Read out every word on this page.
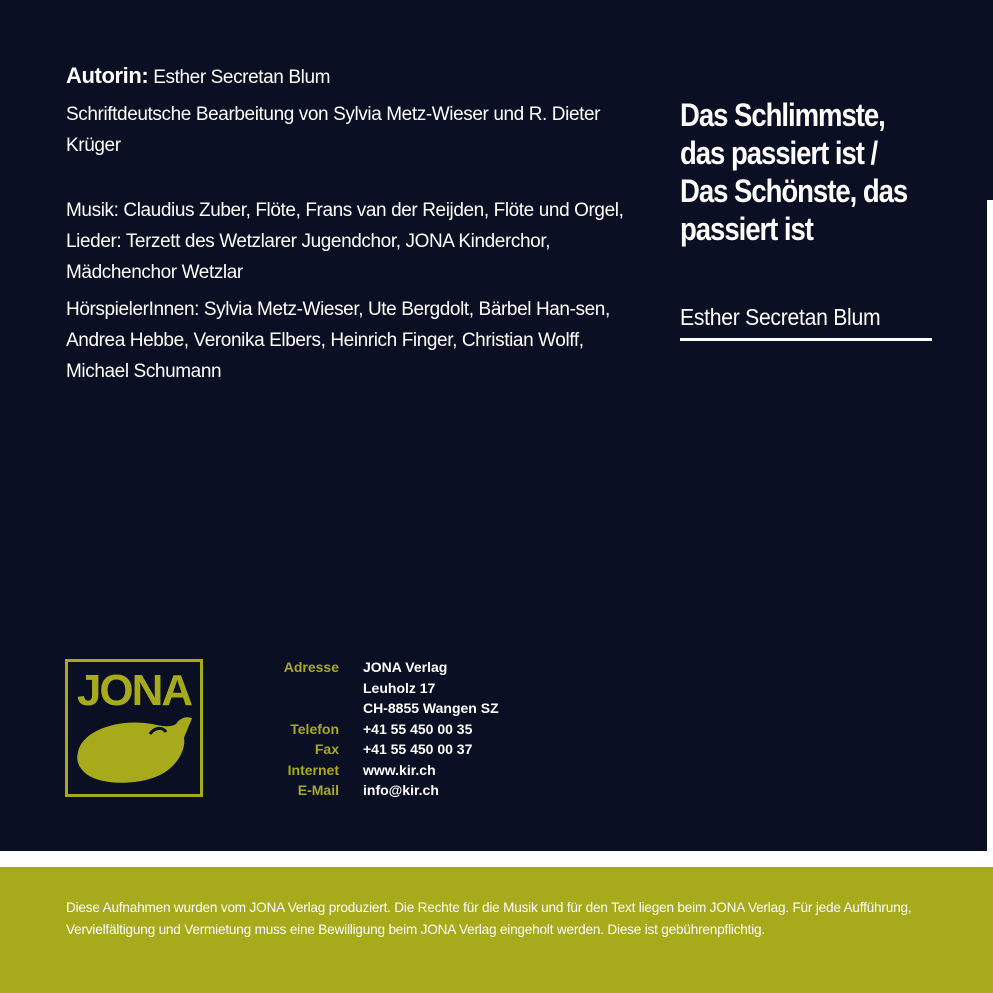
Autorin: Esther Secretan Blum

Schriftdeutsche Bearbeitung von Sylvia Metz-Wieser und R. Dieter Krüger

Musik: Claudius Zuber, Flöte, Frans van der Reijden, Flöte und Orgel, Lieder: Terzett des Wetzlarer Jugendchor, JONA Kinderchor, Mädchenchor Wetzlar

HörspielerInnen: Sylvia Metz-Wieser, Ute Bergdolt, Bärbel Han-sen, Andrea Hebbe, Veronika Elbers, Heinrich Finger, Christian Wolff, Michael Schumann

Das Schlimmste,
das passiert ist /
Das Schönste, das
passiert ist
Esther Secretan Blum
JONA	Adresse	JONA Verlag
Leuholz 17
CH-8855 Wangen SZ
Telefon	+41 55 450 00 35
Fax	+41 55 450 00 37
Internet	www.kir.ch
E-Mail	info@kir.ch
Diese Aufnahmen wurden vom JONA Verlag produziert. Die Rechte für die Musik und für den Text liegen beim JONA Verlag. Für jede Aufführung, Vervielfältigung und Vermietung muss eine Bewilligung beim JONA Verlag eingeholt werden. Diese ist gebührenpflichtig.
